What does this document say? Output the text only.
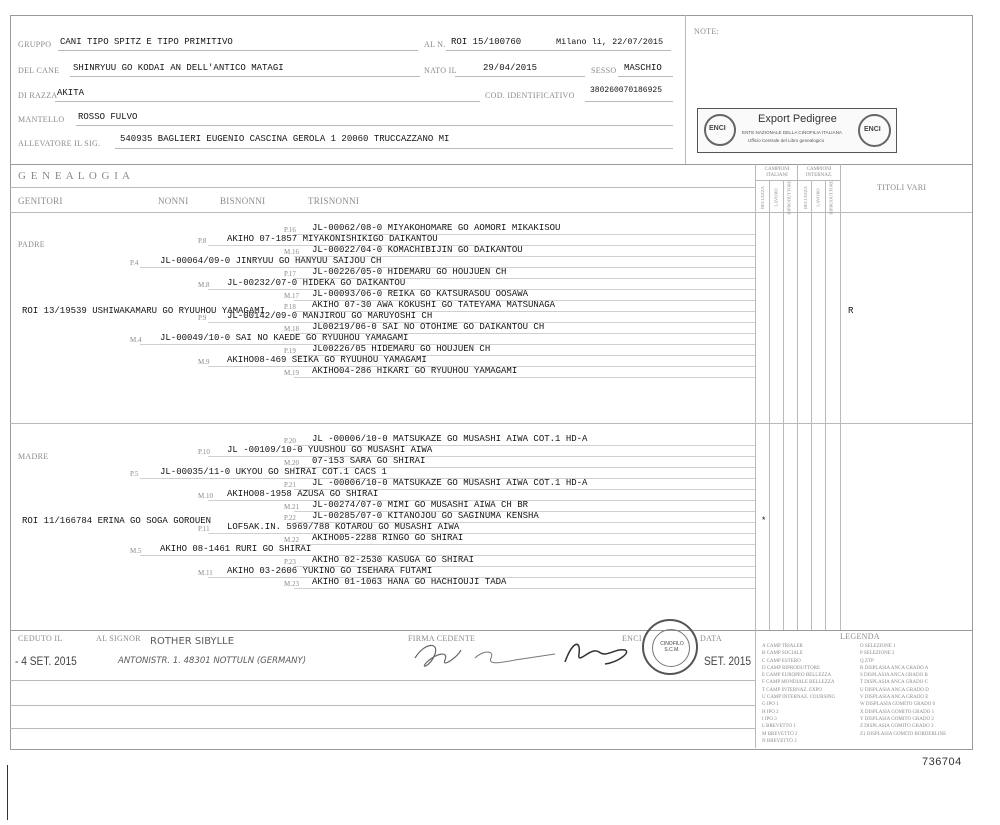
GRUPPO CANI TIPO SPITZ E TIPO PRIMITIVO	AL N. ROI 15/100760	Milano li, 22/07/2015
DEL CANE SHINRYUU GO KODAI AN DELL'ANTICO MATAGI	NATO IL	29/04/2015	SESSO MASCHIO
DI RAZZA AKITA	COD. IDENTIFICATIVO
380260070186925
MANTELLO ROSSO FULVO
ALLEVATORE IL SIG. 540935 BAGLIERI EUGENIO CASCINA GEROLA 1 20060 TRUCCAZZANO MI
NOTE:
ENCI
Export Pedigree
ENTE NAZIONALE DELLA CINOFILIA ITALIANA
Ufficio Centrale del Libro genealogico
ENCI
G E N E A L O G I A
GENITORI	NONNI	BISNONNI	TRISNONNI
CAMPIONI ITALIANI
CAMPIONI INTERNAZ.
BELLEZZA LAVORO RIPRODUTTORE	BELLEZZA LAVORO RIPRODUTTORE	TITOLI VARI
PADRE
ROI 13/19539 USHIWAKAMARU GO RYUUHOU YAMAGAMI	R
P.16 JL-00062/08-0 MIYAKOHOMARE GO AOMORI MIKAKISOU
P.8 AKIHO 07-1857 MIYAKONISHIKIGO DAIKANTOU
M.16 JL-00022/04-0 KOMACHIBIJIN GO DAIKANTOU
P.4 JL-00064/09-0 JINRYUU GO HANYUU SAIJOU CH
P.17 JL-00226/05-0 HIDEMARU GO HOUJUEN CH
M.8 JL-00232/07-0 HIDEKA GO DAIKANTOU
M.17 JL-00093/06-0 REIKA GO KATSURASOU OOSAWA
P.18 AKIHO 07-30 AWA KOKUSHI GO TATEYAMA MATSUNAGA
P.9 JL-00142/09-0 MANJIROU GO MARUYOSHI CH
M.18 JL00219/06-0 SAI NO OTOHIME GO DAIKANTOU CH
M.4 JL-00049/10-0 SAI NO KAEDE GO RYUUHOU YAMAGAMI
P.19 JL00226/05 HIDEMARU GO HOUJUEN CH
M.9 AKIHO08-469 SEIKA GO RYUUHOU YAMAGAMI
M.19 AKIHO04-286 HIKARI GO RYUUHOU YAMAGAMI
MADRE
ROI 11/166784 ERINA GO SOGA GOROUEN	*
P.20 JL -00006/10-0 MATSUKAZE GO MUSASHI AIWA COT.1 HD-A
P.10 JL -00109/10-0 YUUSHOU GO MUSASHI AIWA
M.20 07-153 SARA GO SHIRAI
P.5 JL-00035/11-0 UKYOU GO SHIRAI COT.1 CACS 1
P.21 JL -00006/10-0 MATSUKAZE GO MUSASHI AIWA COT.1 HD-A
M.10 AKIHO08-1958 AZUSA GO SHIRAI
M.21 JL-00274/07-0 MIMI GO MUSASHI AIWA CH BR
P.22 JL-00285/07-0 KITANOJOU GO SAGINUMA KENSHA
P.11 LOF5AK.IN. 5969/788 KOTAROU GO MUSASHI AIWA
M.22 AKIHO05-2288 RINGO GO SHIRAI
M.5 AKIHO 08-1461 RURI GO SHIRAI
P.23 AKIHO 02-2530 KASUGA GO SHIRAI
M.11 AKIHO 03-2606 YUKINO GO ISEHARA FUTAMI
M.23 AKIHO 01-1063 HANA GO HACHIOUJI TADA
CEDUTO IL
- 4 SET. 2015
AL SIGNOR ROTHER SIBYLLE
ANTONISTR. 1. 48301 NOTTULN (GERMANY)
FIRMA CEDENTE	ENCI	DATA
SET. 2015
CINOFILO S.C.M.
LEGENDA
A CAMP TRIALER
B CAMP SOCIALE
C CAMP ESTERO
D CAMP RIPRODUTTORE
E CAMP EUROPEO BELLEZZA
F CAMP MONDIALE BELLEZZA
T CAMP INTERNAZ. EXPO
U CAMP INTERNAZ. COURSING
G IPO 1
H IPO 2
I IPO 3
L BREVETTO 1
M BREVETTO 2
N BREVETTO 3
O SELEZIONE 1
P SELEZIONE 2
Q ZTP
R DISPLASIA ANCA GRADO A
S DISPLASIA ANCA GRADO B
T DISPLASIA ANCA GRADO C
U DISPLASIA ANCA GRADO D
V DISPLASIA ANCA GRADO E
W DISPLASIA GOMITO GRADO 0
X DISPLASIA GOMITO GRADO 1
Y DISPLASIA GOMITO GRADO 2
Z DISPLASIA GOMITO GRADO 3
Z1 DISPLASIA GOMITO BORDERLINE
736704
